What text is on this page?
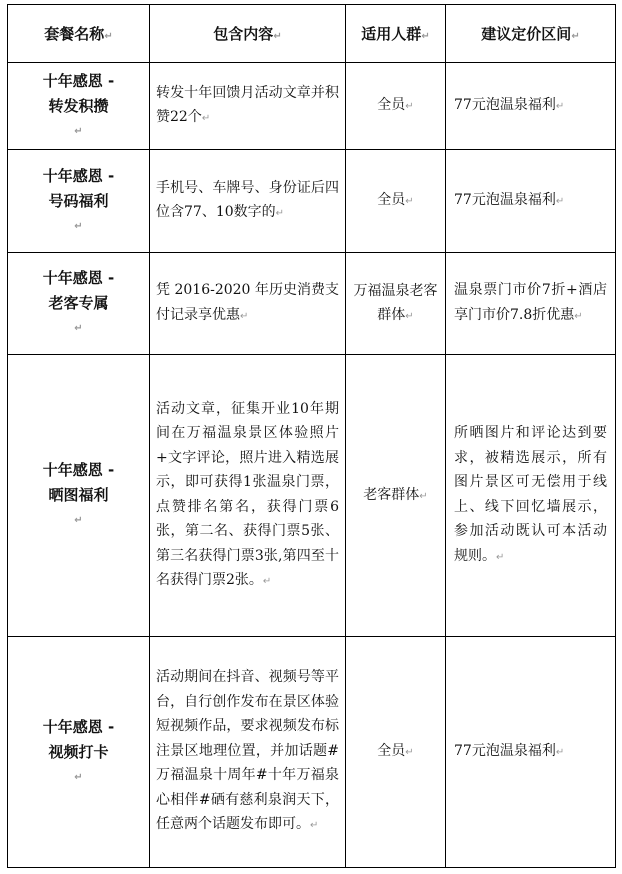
套餐名称↵	包含内容↵	适用人群↵	建议定价区间↵

十年感恩 -
转发积攒
↵	转发十年回馈月活动文章并积赞22个↵	全员↵	77元泡温泉福利↵

十年感恩 -
号码福利
↵	手机号、车牌号、身份证后四位含77、10数字的↵	全员↵	77元泡温泉福利↵

十年感恩 -
老客专属
↵	凭 2016-2020 年历史消费支付记录享优惠↵	万福温泉老客群体↵	温泉票门市价7折+酒店享门市价7.8折优惠↵

十年感恩 -
晒图福利
↵	活动文章，征集开业10年期间在万福温泉景区体验照片+文字评论，照片进入精选展示，即可获得1张温泉门票，点赞排名第名，获得门票6张，第二名、获得门票5张、第三名获得门票3张,第四至十名获得门票2张。↵	老客群体↵	所晒图片和评论达到要求，被精选展示，所有图片景区可无偿用于线上、线下回忆墙展示，参加活动既认可本活动规则。↵

十年感恩 -
视频打卡
↵	活动期间在抖音、视频号等平台，自行创作发布在景区体验短视频作品，要求视频发布标注景区地理位置，并加话题#万福温泉十周年#十年万福泉心相伴#硒有慈利泉润天下，任意两个话题发布即可。↵	全员↵	77元泡温泉福利↵
